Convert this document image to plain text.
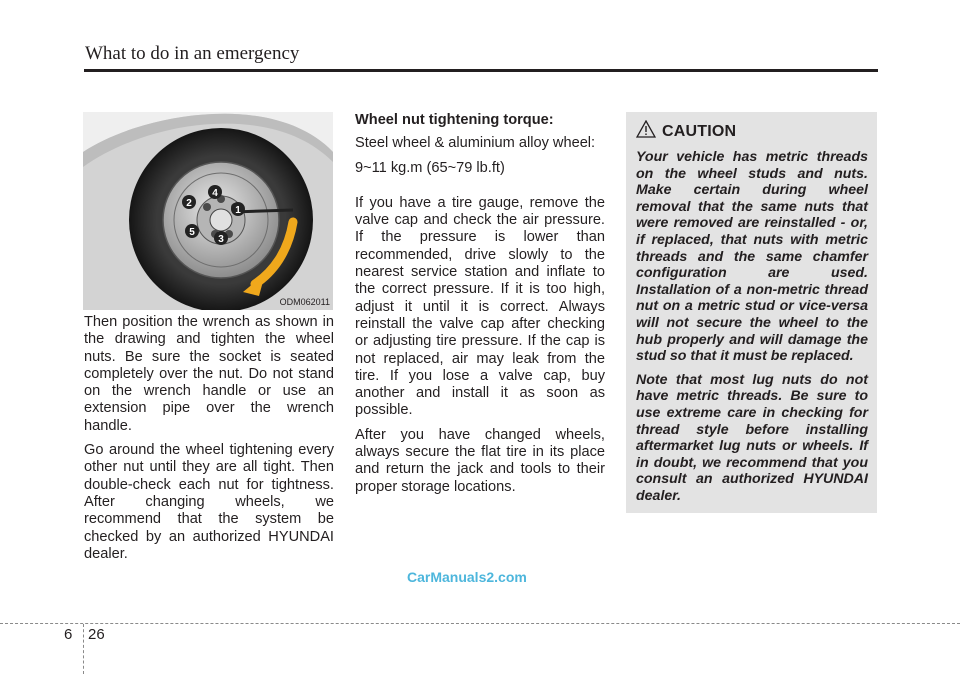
What to do in an emergency
1
2
3
4
5
ODM062011

Then position the wrench as shown in the drawing and tighten the wheel nuts. Be sure the socket is seated completely over the nut. Do not stand on the wrench handle or use an extension pipe over the wrench handle.

Go around the wheel tightening every other nut until they are all tight. Then double-check each nut for tightness. After changing wheels, we recommend that the system be checked by an authorized HYUNDAI dealer.

Wheel nut tightening torque:

Steel wheel & aluminium alloy wheel:

9~11 kg.m (65~79 lb.ft)

If you have a tire gauge, remove the valve cap and check the air pressure. If the pressure is lower than recommended, drive slowly to the nearest service station and inflate to the correct pressure. If it is too high, adjust it until it is correct. Always reinstall the valve cap after checking or adjusting tire pressure. If the cap is not replaced, air may leak from the tire. If you lose a valve cap, buy another and install it as soon as possible.

After you have changed wheels, always secure the flat tire in its place and return the jack and tools to their proper storage locations.

CAUTION

Your vehicle has metric threads on the wheel studs and nuts. Make certain during wheel removal that the same nuts that were removed are reinstalled - or, if replaced, that nuts with metric threads and the same chamfer configuration are used. Installation of a non-metric thread nut on a metric stud or vice-versa will not secure the wheel to the hub properly and will damage the stud so that it must be replaced.

Note that most lug nuts do not have metric threads. Be sure to use extreme care in checking for thread style before installing aftermarket lug nuts or wheels. If in doubt, we recommend that you consult an authorized HYUNDAI dealer.

CarManuals2.com
6 26
